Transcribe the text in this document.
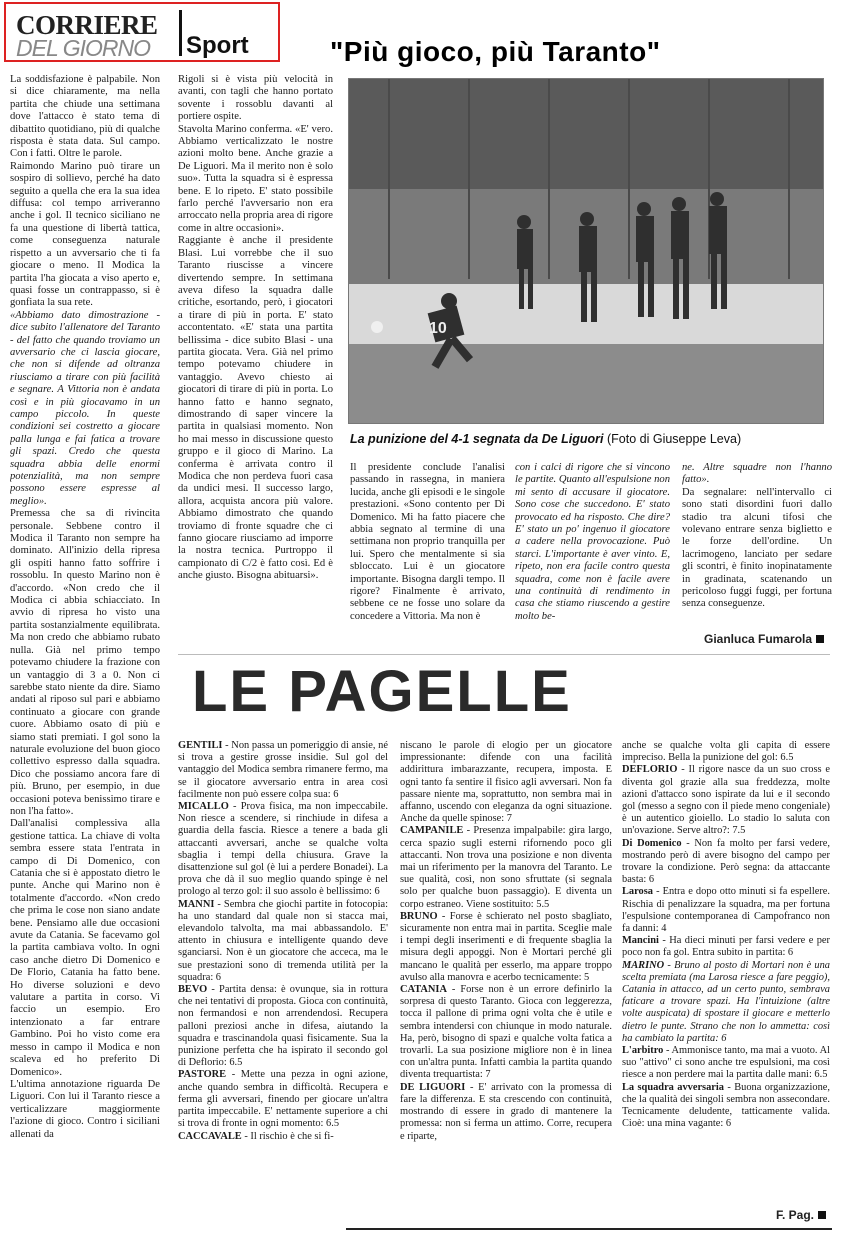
CORRIERE
DEL GIORNO Sport	"Più gioco, più Taranto"
10
La punizione del 4-1 segnata da De Liguori (Foto di Giuseppe Leva)

La soddisfazione è palpabile. Non si dice chiaramente, ma nella partita che chiude una settimana dove l'attacco è stato tema di dibattito quotidiano, più di qualche risposta è stata data. Sul campo. Con i fatti. Oltre le parole.

Raimondo Marino può tirare un sospiro di sollievo, perché ha dato seguito a quella che era la sua idea diffusa: col tempo arriveranno anche i gol. Il tecnico siciliano ne fa una questione di libertà tattica, come conseguenza naturale rispetto a un avversario che ti fa giocare o meno. Il Modica la partita l'ha giocata a viso aperto e, quasi fosse un contrappasso, si è gonfiata la sua rete.

«Abbiamo dato dimostrazione - dice subito l'allenatore del Taranto - del fatto che quando troviamo un avversario che ci lascia giocare, che non si difende ad oltranza riusciamo a tirare con più facilità e segnare. A Vittoria non è andata così e in più giocavamo in un campo piccolo. In queste condizioni sei costretto a giocare palla lunga e fai fatica a trovare gli spazi. Credo che questa squadra abbia delle enormi potenzialità, ma non sempre possono essere espresse al meglio».

Premessa che sa di rivincita personale. Sebbene contro il Modica il Taranto non sempre ha dominato. All'inizio della ripresa gli ospiti hanno fatto soffrire i rossoblu. In questo Marino non è d'accordo. «Non credo che il Modica ci abbia schiacciato. In avvio di ripresa ho visto una partita sostanzialmente equilibrata. Ma non credo che abbiamo rubato nulla. Già nel primo tempo potevamo chiudere la frazione con un vantaggio di 3 a 0. Non ci sarebbe stato niente da dire. Siamo andati al riposo sul pari e abbiamo continuato a giocare con grande cuore. Abbiamo osato di più e siamo stati premiati. I gol sono la naturale evoluzione del buon gioco collettivo espresso dalla squadra. Dico che possiamo ancora fare di più. Bruno, per esempio, in due occasioni poteva benissimo tirare e non l'ha fatto».

Dall'analisi complessiva alla gestione tattica. La chiave di volta sembra essere stata l'entrata in campo di Di Domenico, con Catania che si è appostato dietro le punte. Anche qui Marino non è totalmente d'accordo. «Non credo che prima le cose non siano andate bene. Pensiamo alle due occasioni avute da Catania. Se facevamo gol la partita cambiava volto. In ogni caso anche dietro Di Domenico e De Florio, Catania ha fatto bene. Ho diverse soluzioni e devo valutare a partita in corso. Vi faccio un esempio. Ero intenzionato a far entrare Gambino. Poi ho visto come era messo in campo il Modica e non scaleva ed ho preferito Di Domenico».

L'ultima annotazione riguarda De Liguori. Con lui il Taranto riesce a verticalizzare maggiormente l'azione di gioco. Contro i siciliani allenati da

Rigoli si è vista più velocità in avanti, con tagli che hanno portato sovente i rossoblu davanti al portiere ospite.

Stavolta Marino conferma. «E' vero. Abbiamo verticalizzato le nostre azioni molto bene. Anche grazie a De Liguori. Ma il merito non è solo suo». Tutta la squadra si è espressa bene. E lo ripeto. E' stato possibile farlo perché l'avversario non era arroccato nella propria area di rigore come in altre occasioni».

Raggiante è anche il presidente Blasi. Lui vorrebbe che il suo Taranto riuscisse a vincere divertendo sempre. In settimana aveva difeso la squadra dalle critiche, esortando, però, i giocatori a tirare di più in porta. E' stato accontentato. «E' stata una partita bellissima - dice subito Blasi - una partita giocata. Vera. Già nel primo tempo potevamo chiudere in vantaggio. Avevo chiesto ai giocatori di tirare di più in porta. Lo hanno fatto e hanno segnato, dimostrando di saper vincere la partita in qualsiasi momento. Non ho mai messo in discussione questo gruppo e il gioco di Marino. La conferma è arrivata contro il Modica che non perdeva fuori casa da undici mesi. Il successo largo, allora, acquista ancora più valore. Abbiamo dimostrato che quando troviamo di fronte squadre che ci fanno giocare riusciamo ad imporre la nostra tecnica. Purtroppo il campionato di C/2 è fatto così. Ed è anche giusto. Bisogna abituarsi».

Il presidente conclude l'analisi passando in rassegna, in maniera lucida, anche gli episodi e le singole prestazioni. «Sono contento per Di Domenico. Mi ha fatto piacere che abbia segnato al termine di una settimana non proprio tranquilla per lui. Spero che mentalmente si sia sbloccato. Lui è un giocatore importante. Bisogna dargli tempo. Il rigore? Finalmente è arrivato, sebbene ce ne fosse uno solare da concedere a Vittoria. Ma non è

con i calci di rigore che si vincono le partite. Quanto all'espulsione non mi sento di accusare il giocatore. Sono cose che succedono. E' stato provocato ed ha risposto. Che dire? E' stato un po' ingenuo il giocatore a cadere nella provocazione. Può starci. L'importante è aver vinto. E, ripeto, non era facile contro questa squadra, come non è facile avere una continuità di rendimento in casa che stiamo riuscendo a gestire molto be-

ne. Altre squadre non l'hanno fatto».

Da segnalare: nell'intervallo ci sono stati disordini fuori dallo stadio tra alcuni tifosi che volevano entrare senza biglietto e le forze dell'ordine. Un lacrimogeno, lanciato per sedare gli scontri, è finito inopinatamente in gradinata, scatenando un pericoloso fuggi fuggi, per fortuna senza conseguenze.

Gianluca Fumarola
LE PAGELLE

GENTILI - Non passa un pomeriggio di ansie, né si trova a gestire grosse insidie. Sul gol del vantaggio del Modica sembra rimanere fermo, ma se il giocatore avversario entra in area così facilmente non può essere colpa sua: 6

MICALLO - Prova fisica, ma non impeccabile. Non riesce a scendere, si rinchiude in difesa a guardia della fascia. Riesce a tenere a bada gli attaccanti avversari, anche se qualche volta sbaglia i tempi della chiusura. Grave la disattenzione sul gol (è lui a perdere Bonadei). La prova che dà il suo meglio quando spinge è nel prologo al terzo gol: il suo assolo è bellissimo: 6

MANNI - Sembra che giochi partite in fotocopia: ha uno standard dal quale non si stacca mai, elevandolo talvolta, ma mai abbassandolo. E' attento in chiusura e intelligente quando deve sganciarsi. Non è un giocatore che acceca, ma le sue prestazioni sono di tremenda utilità per la squadra: 6

BEVO - Partita densa: è ovunque, sia in rottura che nei tentativi di proposta. Gioca con continuità, non fermandosi e non arrendendosi. Recupera palloni preziosi anche in difesa, aiutando la squadra e trascinandola quasi fisicamente. Sua la punizione perfetta che ha ispirato il secondo gol di Deflorio: 6.5

PASTORE - Mette una pezza in ogni azione, anche quando sembra in difficoltà. Recupera e ferma gli avversari, finendo per giocare un'altra partita impeccabile. E' nettamente superiore a chi si trova di fronte in ogni momento: 6.5

CACCAVALE - Il rischio è che si fi-

niscano le parole di elogio per un giocatore impressionante: difende con una facilità addirittura imbarazzante, recupera, imposta. E ogni tanto fa sentire il fisico agli avversari. Non fa passare niente ma, soprattutto, non sembra mai in affanno, uscendo con eleganza da ogni situazione. Anche da quelle spinose: 7

CAMPANILE - Presenza impalpabile: gira largo, cerca spazio sugli esterni rifornendo poco gli attaccanti. Non trova una posizione e non diventa mai un riferimento per la manovra del Taranto. Le sue qualità, così, non sono sfruttate (si segnala solo per qualche buon passaggio). E diventa un corpo estraneo. Viene sostituito: 5.5

BRUNO - Forse è schierato nel posto sbagliato, sicuramente non entra mai in partita. Sceglie male i tempi degli inserimenti e di frequente sbaglia la misura degli appoggi. Non è Mortari perché gli mancano le qualità per esserlo, ma appare troppo avulso alla manovra e acerbo tecnicamente: 5

CATANIA - Forse non è un errore definirlo la sorpresa di questo Taranto. Gioca con leggerezza, tocca il pallone di prima ogni volta che è utile e sembra intendersi con chiunque in modo naturale. Ha, però, bisogno di spazi e qualche volta fatica a trovarli. La sua posizione migliore non è in linea con un'altra punta. Infatti cambia la partita quando diventa trequartista: 7

DE LIGUORI - E' arrivato con la promessa di fare la differenza. E sta crescendo con continuità, mostrando di essere in grado di mantenere la promessa: non si ferma un attimo. Corre, recupera e riparte,

anche se qualche volta gli capita di essere impreciso. Bella la punizione del gol: 6.5

DEFLORIO - Il rigore nasce da un suo cross e diventa gol grazie alla sua freddezza, molte azioni d'attacco sono ispirate da lui e il secondo gol (messo a segno con il piede meno congeniale) è un autentico gioiello. Lo stadio lo saluta con un'ovazione. Serve altro?: 7.5

Di Domenico - Non fa molto per farsi vedere, mostrando però di avere bisogno del campo per trovare la condizione. Però segna: da attaccante basta: 6

Larosa - Entra e dopo otto minuti si fa espellere. Rischia di penalizzare la squadra, ma per fortuna l'espulsione contemporanea di Campofranco non fa danni: 4

Mancini - Ha dieci minuti per farsi vedere e per poco non fa gol. Entra subito in partita: 6

MARINO - Bruno al posto di Mortari non è una scelta premiata (ma Larosa riesce a fare peggio), Catania in attacco, ad un certo punto, sembrava faticare a trovare spazi. Ha l'intuizione (altre volte auspicata) di spostare il giocare e metterlo dietro le punte. Strano che non lo ammetta: così ha cambiato la partita: 6

L'arbitro - Ammonisce tanto, ma mai a vuoto. Al suo "attivo" ci sono anche tre espulsioni, ma così riesce a non perdere mai la partita dalle mani: 6.5

La squadra avversaria - Buona organizzazione, che la qualità dei singoli sembra non assecondare. Tecnicamente deludente, tatticamente valida. Cioè: una mina vagante: 6

F. Pag.
